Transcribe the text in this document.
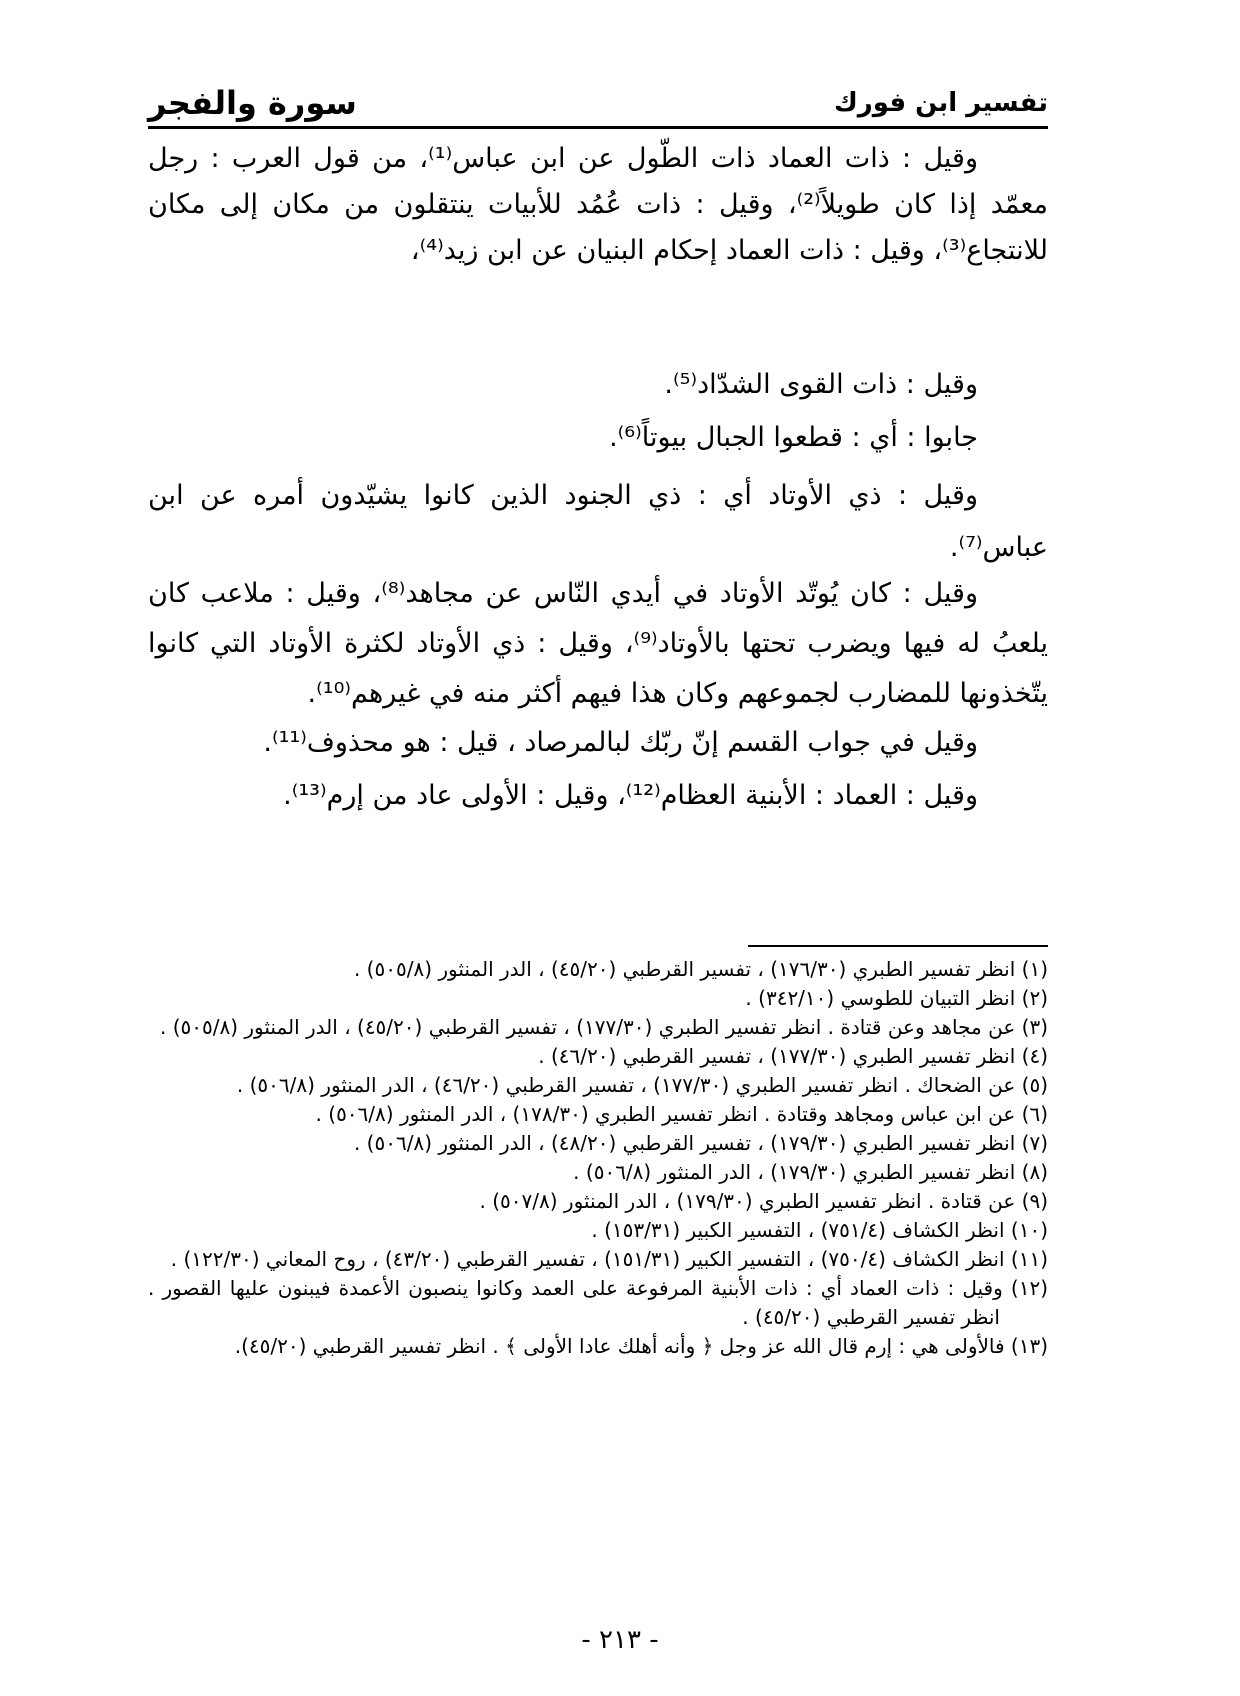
تفسير ابن فورك
سورة والفجر
وقيل : ذات العماد ذات الطّول عن ابن عباس⁽¹⁾، من قول العرب : رجل معمّد إذا كان طويلاً⁽²⁾، وقيل : ذات عُمُد للأبيات ينتقلون من مكان إلى مكان للانتجاع⁽³⁾، وقيل : ذات العماد إحكام البنيان عن ابن زيد⁽⁴⁾،
وقيل : ذات القوى الشدّاد⁽⁵⁾.
جابوا : أي : قطعوا الجبال بيوتاً⁽⁶⁾.
وقيل : ذي الأوتاد أي : ذي الجنود الذين كانوا يشيّدون أمره عن ابن عباس⁽⁷⁾.
وقيل : كان يُوتّد الأوتاد في أيدي النّاس عن مجاهد⁽⁸⁾، وقيل : ملاعب كان يلعبُ له فيها ويضرب تحتها بالأوتاد⁽⁹⁾، وقيل : ذي الأوتاد لكثرة الأوتاد التي كانوا يتّخذونها للمضارب لجموعهم وكان هذا فيهم أكثر منه في غيرهم⁽¹⁰⁾.
وقيل في جواب القسم إنّ ربّك لبالمرصاد ، قيل : هو محذوف⁽¹¹⁾.
وقيل : العماد : الأبنية العظام⁽¹²⁾، وقيل : الأولى عاد من إرم⁽¹³⁾.
(١) انظر تفسير الطبري (١٧٦/٣٠) ، تفسير القرطبي (٤٥/٢٠) ، الدر المنثور (٥٠٥/٨) .
(٢) انظر التبيان للطوسي (٣٤٢/١٠) .
(٣) عن مجاهد وعن قتادة . انظر تفسير الطبري (١٧٧/٣٠) ، تفسير القرطبي (٤٥/٢٠) ، الدر المنثور (٥٠٥/٨) .
(٤) انظر تفسير الطبري (١٧٧/٣٠) ، تفسير القرطبي (٤٦/٢٠) .
(٥) عن الضحاك . انظر تفسير الطبري (١٧٧/٣٠) ، تفسير القرطبي (٤٦/٢٠) ، الدر المنثور (٥٠٦/٨) .
(٦) عن ابن عباس ومجاهد وقتادة . انظر تفسير الطبري (١٧٨/٣٠) ، الدر المنثور (٥٠٦/٨) .
(٧) انظر تفسير الطبري (١٧٩/٣٠) ، تفسير القرطبي (٤٨/٢٠) ، الدر المنثور (٥٠٦/٨) .
(٨) انظر تفسير الطبري (١٧٩/٣٠) ، الدر المنثور (٥٠٦/٨) .
(٩) عن قتادة . انظر تفسير الطبري (١٧٩/٣٠) ، الدر المنثور (٥٠٧/٨) .
(١٠) انظر الكشاف (٧٥١/٤) ، التفسير الكبير (١٥٣/٣١) .
(١١) انظر الكشاف (٧٥٠/٤) ، التفسير الكبير (١٥١/٣١) ، تفسير القرطبي (٤٣/٢٠) ، روح المعاني (١٢٢/٣٠) .
(١٢) وقيل : ذات العماد أي : ذات الأبنية المرفوعة على العمد وكانوا ينصبون الأعمدة فيبنون عليها القصور . انظر تفسير القرطبي (٤٥/٢٠) .
(١٣) فالأولى هي : إرم قال الله عز وجل ﴿ وأنه أهلك عادا الأولى ﴾ . انظر تفسير القرطبي (٤٥/٢٠).
- ٢١٣ -
